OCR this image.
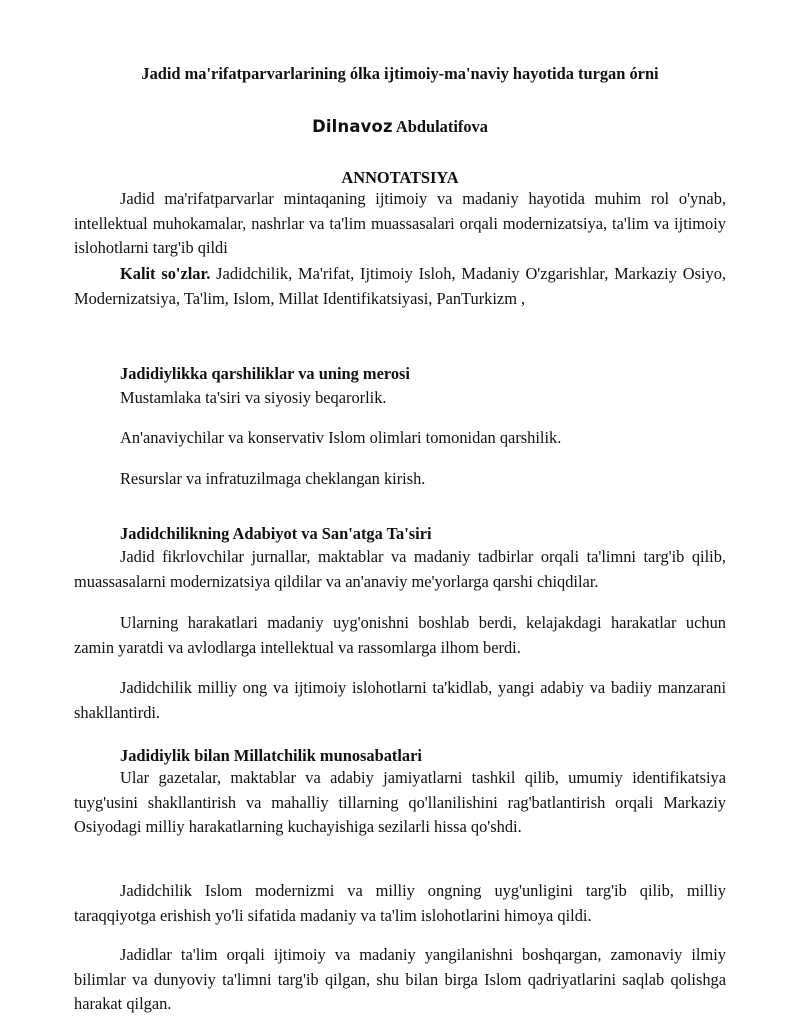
Jadid ma'rifatparvarlarining ólka ijtimoiy-ma'naviy hayotida turgan órni
Dilnavoz Abdulatifova
ANNOTATSIYA
Jadid ma'rifatparvarlar mintaqaning ijtimoiy va madaniy hayotida muhim rol o'ynab, intellektual muhokamalar, nashrlar va ta'lim muassasalari orqali modernizatsiya, ta'lim va ijtimoiy islohotlarni targ'ib qildi
Kalit so'zlar. Jadidchilik, Ma'rifat, Ijtimoiy Isloh, Madaniy O'zgarishlar, Markaziy Osiyo, Modernizatsiya, Ta'lim, Islom, Millat Identifikatsiyasi, PanTurkizm ,
Jadidiylikka qarshiliklar va uning merosi
Mustamlaka ta'siri va siyosiy beqarorlik.
An'anaviychilar va konservativ Islom olimlari tomonidan qarshilik.
Resurslar va infratuzilmaga cheklangan kirish.
Jadidchilikning Adabiyot va San'atga Ta'siri
Jadid fikrlovchilar jurnallar, maktablar va madaniy tadbirlar orqali ta'limni targ'ib qilib, muassasalarni modernizatsiya qildilar va an'anaviy me'yorlarga qarshi chiqdilar.
Ularning harakatlari madaniy uyg'onishni boshlab berdi, kelajakdagi harakatlar uchun zamin yaratdi va avlodlarga intellektual va rassomlarga ilhom berdi.
Jadidchilik milliy ong va ijtimoiy islohotlarni ta'kidlab, yangi adabiy va badiiy manzarani shakllantirdi.
Jadidiylik bilan Millatchilik munosabatlari
Ular gazetalar, maktablar va adabiy jamiyatlarni tashkil qilib, umumiy identifikatsiya tuyg'usini shakllantirish va mahalliy tillarning qo'llanilishini rag'batlantirish orqali Markaziy Osiyodagi milliy harakatlarning kuchayishiga sezilarli hissa qo'shdi.
Jadidchilik Islom modernizmi va milliy ongning uyg'unligini targ'ib qilib, milliy taraqqiyotga erishish yo'li sifatida madaniy va ta'lim islohotlarini himoya qildi.
Jadidlar ta'lim orqali ijtimoiy va madaniy yangilanishni boshqargan, zamonaviy ilmiy bilimlar va dunyoviy ta'limni targ'ib qilgan, shu bilan birga Islom qadriyatlarini saqlab qolishga harakat qilgan.
